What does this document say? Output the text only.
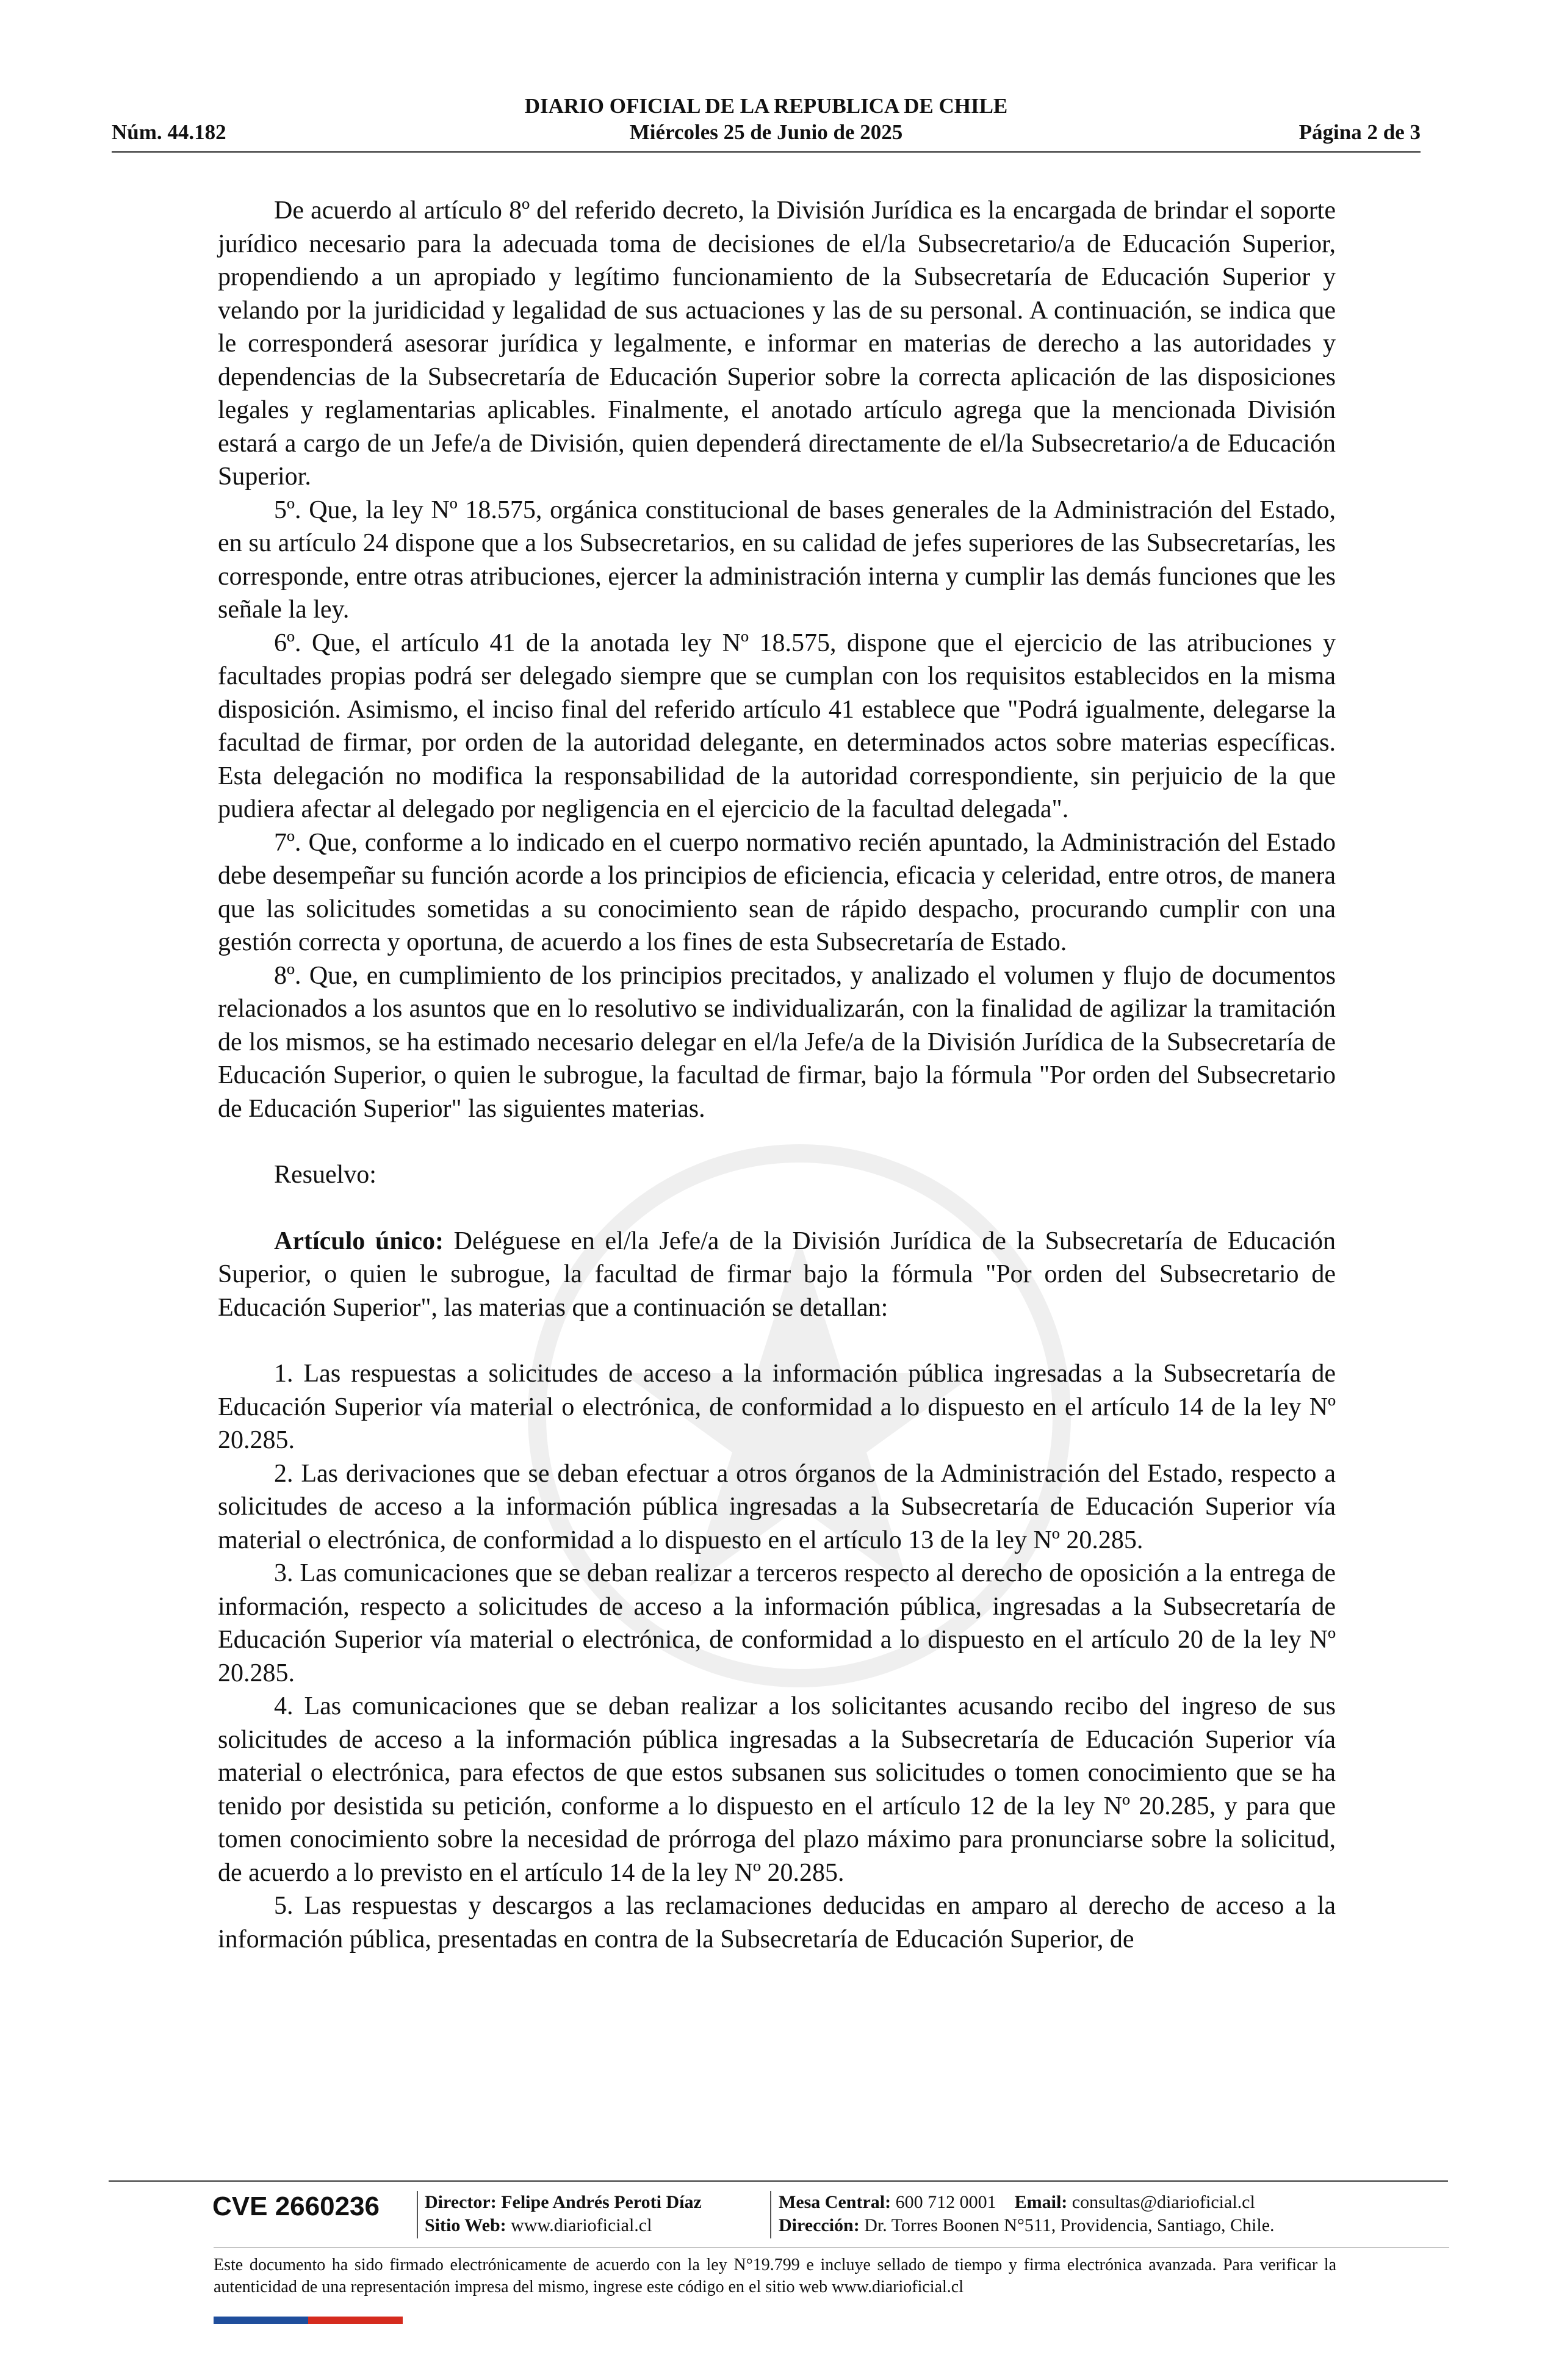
DIARIO OFICIAL DE LA REPUBLICA DE CHILE
Núm. 44.182	Miércoles 25 de Junio de 2025	Página 2 de 3

De acuerdo al artículo 8º del referido decreto, la División Jurídica es la encargada de brindar el soporte jurídico necesario para la adecuada toma de decisiones de el/la Subsecretario/a de Educación Superior, propendiendo a un apropiado y legítimo funcionamiento de la Subsecretaría de Educación Superior y velando por la juridicidad y legalidad de sus actuaciones y las de su personal. A continuación, se indica que le corresponderá asesorar jurídica y legalmente, e informar en materias de derecho a las autoridades y dependencias de la Subsecretaría de Educación Superior sobre la correcta aplicación de las disposiciones legales y reglamentarias aplicables. Finalmente, el anotado artículo agrega que la mencionada División estará a cargo de un Jefe/a de División, quien dependerá directamente de el/la Subsecretario/a de Educación Superior.

5º. Que, la ley Nº 18.575, orgánica constitucional de bases generales de la Administración del Estado, en su artículo 24 dispone que a los Subsecretarios, en su calidad de jefes superiores de las Subsecretarías, les corresponde, entre otras atribuciones, ejercer la administración interna y cumplir las demás funciones que les señale la ley.

6º. Que, el artículo 41 de la anotada ley Nº 18.575, dispone que el ejercicio de las atribuciones y facultades propias podrá ser delegado siempre que se cumplan con los requisitos establecidos en la misma disposición. Asimismo, el inciso final del referido artículo 41 establece que "Podrá igualmente, delegarse la facultad de firmar, por orden de la autoridad delegante, en determinados actos sobre materias específicas. Esta delegación no modifica la responsabilidad de la autoridad correspondiente, sin perjuicio de la que pudiera afectar al delegado por negligencia en el ejercicio de la facultad delegada".

7º. Que, conforme a lo indicado en el cuerpo normativo recién apuntado, la Administración del Estado debe desempeñar su función acorde a los principios de eficiencia, eficacia y celeridad, entre otros, de manera que las solicitudes sometidas a su conocimiento sean de rápido despacho, procurando cumplir con una gestión correcta y oportuna, de acuerdo a los fines de esta Subsecretaría de Estado.

8º. Que, en cumplimiento de los principios precitados, y analizado el volumen y flujo de documentos relacionados a los asuntos que en lo resolutivo se individualizarán, con la finalidad de agilizar la tramitación de los mismos, se ha estimado necesario delegar en el/la Jefe/a de la División Jurídica de la Subsecretaría de Educación Superior, o quien le subrogue, la facultad de firmar, bajo la fórmula "Por orden del Subsecretario de Educación Superior" las siguientes materias.

Resuelvo:

Artículo único: Deléguese en el/la Jefe/a de la División Jurídica de la Subsecretaría de Educación Superior, o quien le subrogue, la facultad de firmar bajo la fórmula "Por orden del Subsecretario de Educación Superior", las materias que a continuación se detallan:

1. Las respuestas a solicitudes de acceso a la información pública ingresadas a la Subsecretaría de Educación Superior vía material o electrónica, de conformidad a lo dispuesto en el artículo 14 de la ley Nº 20.285.

2. Las derivaciones que se deban efectuar a otros órganos de la Administración del Estado, respecto a solicitudes de acceso a la información pública ingresadas a la Subsecretaría de Educación Superior vía material o electrónica, de conformidad a lo dispuesto en el artículo 13 de la ley Nº 20.285.

3. Las comunicaciones que se deban realizar a terceros respecto al derecho de oposición a la entrega de información, respecto a solicitudes de acceso a la información pública, ingresadas a la Subsecretaría de Educación Superior vía material o electrónica, de conformidad a lo dispuesto en el artículo 20 de la ley Nº 20.285.

4. Las comunicaciones que se deban realizar a los solicitantes acusando recibo del ingreso de sus solicitudes de acceso a la información pública ingresadas a la Subsecretaría de Educación Superior vía material o electrónica, para efectos de que estos subsanen sus solicitudes o tomen conocimiento que se ha tenido por desistida su petición, conforme a lo dispuesto en el artículo 12 de la ley Nº 20.285, y para que tomen conocimiento sobre la necesidad de prórroga del plazo máximo para pronunciarse sobre la solicitud, de acuerdo a lo previsto en el artículo 14 de la ley Nº 20.285.

5. Las respuestas y descargos a las reclamaciones deducidas en amparo al derecho de acceso a la información pública, presentadas en contra de la Subsecretaría de Educación Superior, de

CVE 2660236 Director: Felipe Andrés Peroti Díaz
Sitio Web: www.diarioficial.cl
Mesa Central: 600 712 0001 Email: consultas@diarioficial.cl
Dirección: Dr. Torres Boonen N°511, Providencia, Santiago, Chile.
Este documento ha sido firmado electrónicamente de acuerdo con la ley N°19.799 e incluye sellado de tiempo y firma electrónica avanzada. Para verificar la autenticidad de una representación impresa del mismo, ingrese este código en el sitio web www.diarioficial.cl
